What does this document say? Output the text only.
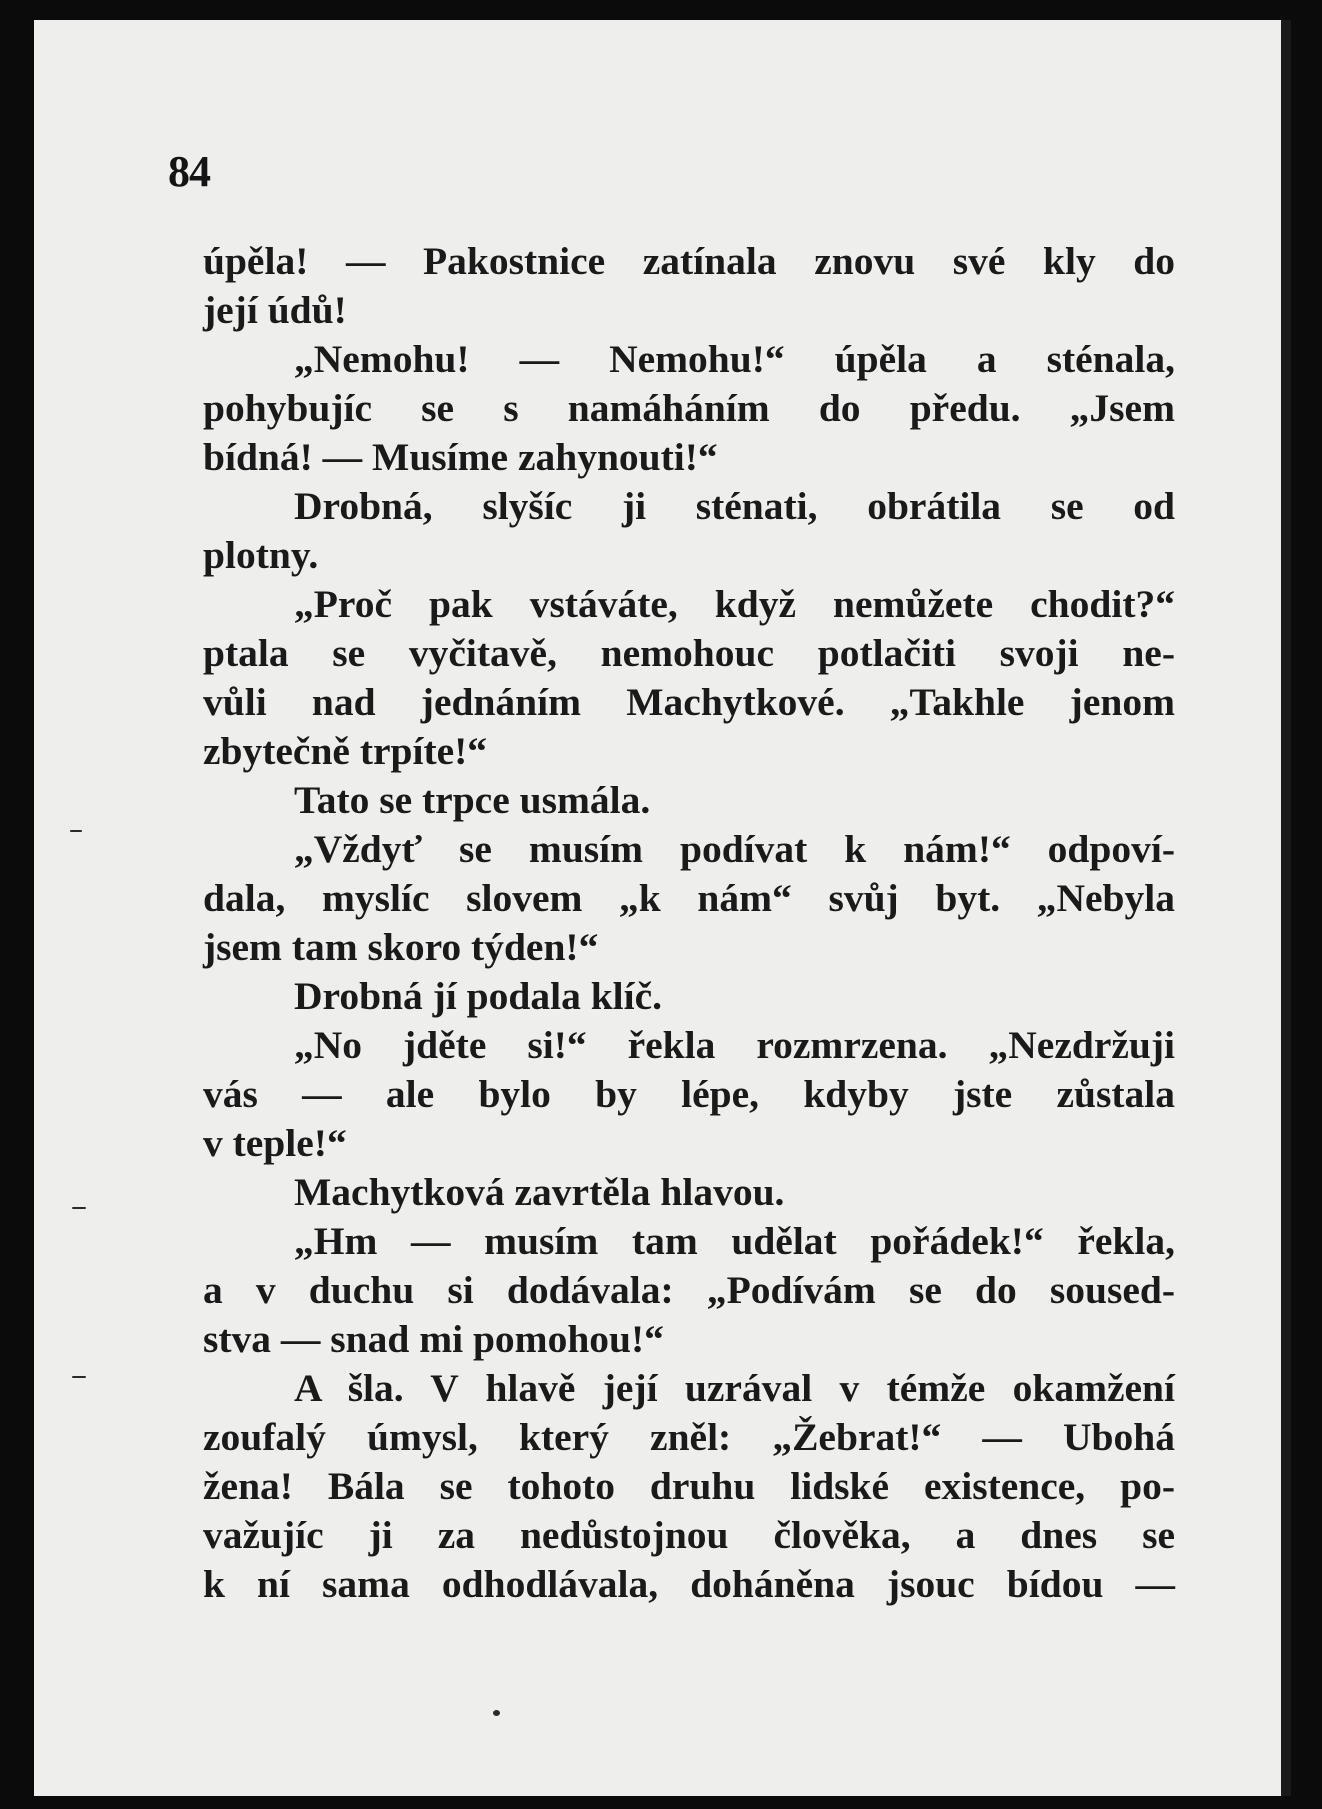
84
úpěla! — Pakostnice zatínala znovu své kly do
její údů!
„Nemohu! — Nemohu!“ úpěla a sténala,
pohybujíc se s namáháním do předu. „Jsem
bídná! — Musíme zahynouti!“
Drobná, slyšíc ji sténati, obrátila se od
plotny.
„Proč pak vstáváte, když nemůžete chodit?“
ptala se vyčitavě, nemohouc potlačiti svoji ne-
vůli nad jednáním Machytkové. „Takhle jenom
zbytečně trpíte!“
Tato se trpce usmála.
„Vždyť se musím podívat k nám!“ odpoví-
dala, myslíc slovem „k nám“ svůj byt. „Nebyla
jsem tam skoro týden!“
Drobná jí podala klíč.
„No jděte si!“ řekla rozmrzena. „Nezdržuji
vás — ale bylo by lépe, kdyby jste zůstala
v teple!“
Machytková zavrtěla hlavou.
„Hm — musím tam udělat pořádek!“ řekla,
a v duchu si dodávala: „Podívám se do soused-
stva — snad mi pomohou!“
A šla. V hlavě její uzrával v témže okamžení
zoufalý úmysl, který zněl: „Žebrat!“ — Ubohá
žena! Bála se tohoto druhu lidské existence, po-
važujíc ji za nedůstojnou člověka, a dnes se
k ní sama odhodlávala, doháněna jsouc bídou —
